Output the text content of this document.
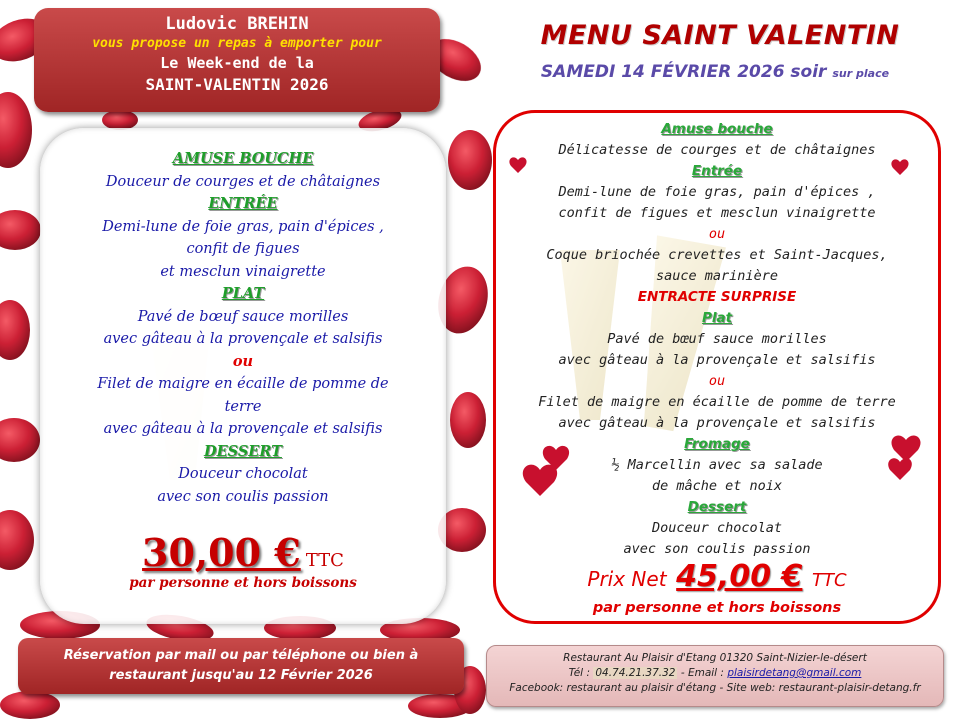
Ludovic BREHIN
vous propose un repas à emporter pour
Le Week-end de la
SAINT-VALENTIN 2026
AMUSE BOUCHE
Douceur de courges et de châtaignes
ENTRÉE
Demi-lune de foie gras, pain d'épices ,
confit de figues
et mesclun vinaigrette
PLAT
Pavé de bœuf sauce morilles
avec gâteau à la provençale et salsifis
ou
Filet de maigre en écaille de pomme de
terre
avec gâteau à la provençale et salsifis
DESSERT
Douceur chocolat
avec son coulis passion
30,00 € TTC
par personne et hors boissons
Réservation par mail ou par téléphone ou bien à
restaurant jusqu'au 12 Février 2026
MENU SAINT VALENTIN
SAMEDI 14 FÉVRIER 2026 soir sur place
Amuse bouche
Délicatesse de courges et de châtaignes
Entrée
Demi-lune de foie gras, pain d'épices ,
confit de figues et mesclun vinaigrette
ou
Coque briochée crevettes et Saint-Jacques,
sauce marinière
ENTRACTE SURPRISE
Plat
Pavé de bœuf sauce morilles
avec gâteau à la provençale et salsifis
ou
Filet de maigre en écaille de pomme de terre
avec gâteau à la provençale et salsifis
Fromage
½ Marcellin avec sa salade
de mâche et noix
Dessert
Douceur chocolat
avec son coulis passion
Prix Net 45,00 € TTC
par personne et hors boissons
Restaurant Au Plaisir d'Etang 01320 Saint-Nizier-le-désert
Tél : 04.74.21.37.32 - Email : plaisirdetang@gmail.com
Facebook: restaurant au plaisir d'étang - Site web: restaurant-plaisir-detang.fr
